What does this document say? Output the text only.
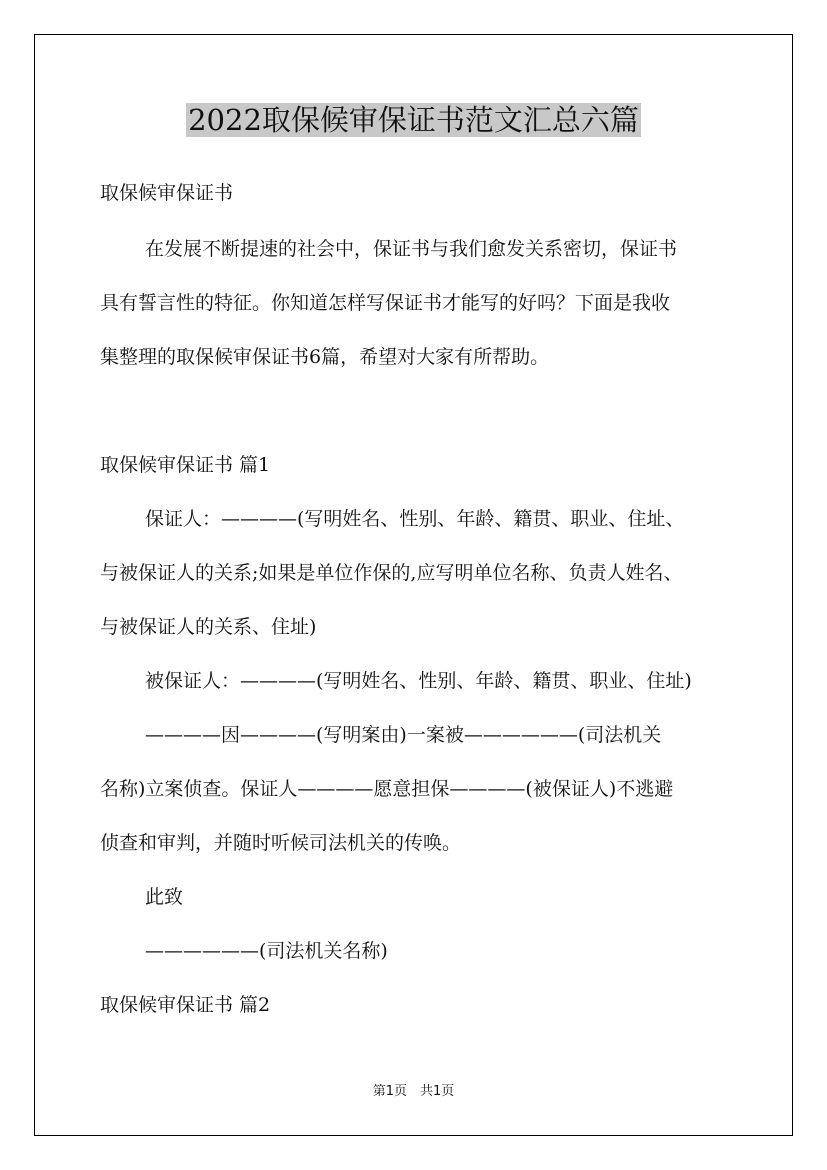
2022取保候审保证书范文汇总六篇
取保候审保证书
在发展不断提速的社会中，保证书与我们愈发关系密切，保证书
具有誓言性的特征。你知道怎样写保证书才能写的好吗？下面是我收
集整理的取保候审保证书6篇，希望对大家有所帮助。
取保候审保证书 篇1
保证人：————(写明姓名、性别、年龄、籍贯、职业、住址、
与被保证人的关系;如果是单位作保的,应写明单位名称、负责人姓名、
与被保证人的关系、住址)
被保证人：————(写明姓名、性别、年龄、籍贯、职业、住址)
————因————(写明案由)一案被——————(司法机关
名称)立案侦查。保证人————愿意担保————(被保证人)不逃避
侦查和审判，并随时听候司法机关的传唤。
此致
——————(司法机关名称)
取保候审保证书 篇2
第1页　共1页
